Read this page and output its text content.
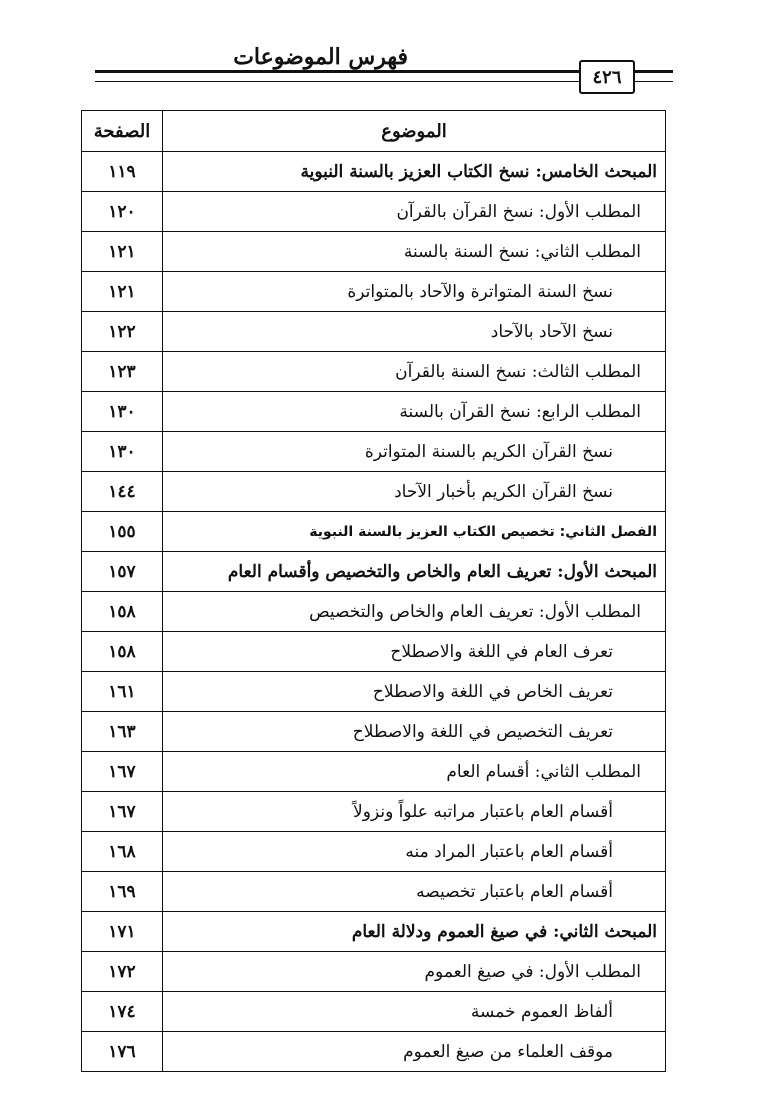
فهرس الموضوعات
٤٢٦
الموضوع	الصفحة
المبحث الخامس: نسخ الكتاب العزيز بالسنة النبوية	١١٩
المطلب الأول: نسخ القرآن بالقرآن	١٢٠
المطلب الثاني: نسخ السنة بالسنة	١٢١
نسخ السنة المتواترة والآحاد بالمتواترة	١٢١
نسخ الآحاد بالآحاد	١٢٢
المطلب الثالث: نسخ السنة بالقرآن	١٢٣
المطلب الرابع: نسخ القرآن بالسنة	١٣٠
نسخ القرآن الكريم بالسنة المتواترة	١٣٠
نسخ القرآن الكريم بأخبار الآحاد	١٤٤
الفصل الثاني: تخصيص الكتاب العزيز بالسنة النبوية	١٥٥
المبحث الأول: تعريف العام والخاص والتخصيص وأقسام العام	١٥٧
المطلب الأول: تعريف العام والخاص والتخصيص	١٥٨
تعرف العام في اللغة والاصطلاح	١٥٨
تعريف الخاص في اللغة والاصطلاح	١٦١
تعريف التخصيص في اللغة والاصطلاح	١٦٣
المطلب الثاني: أقسام العام	١٦٧
أقسام العام باعتبار مراتبه علواً ونزولاً	١٦٧
أقسام العام باعتبار المراد منه	١٦٨
أقسام العام باعتبار تخصيصه	١٦٩
المبحث الثاني: في صيغ العموم ودلالة العام	١٧١
المطلب الأول: في صيغ العموم	١٧٢
ألفاظ العموم خمسة	١٧٤
موقف العلماء من صيغ العموم	١٧٦
